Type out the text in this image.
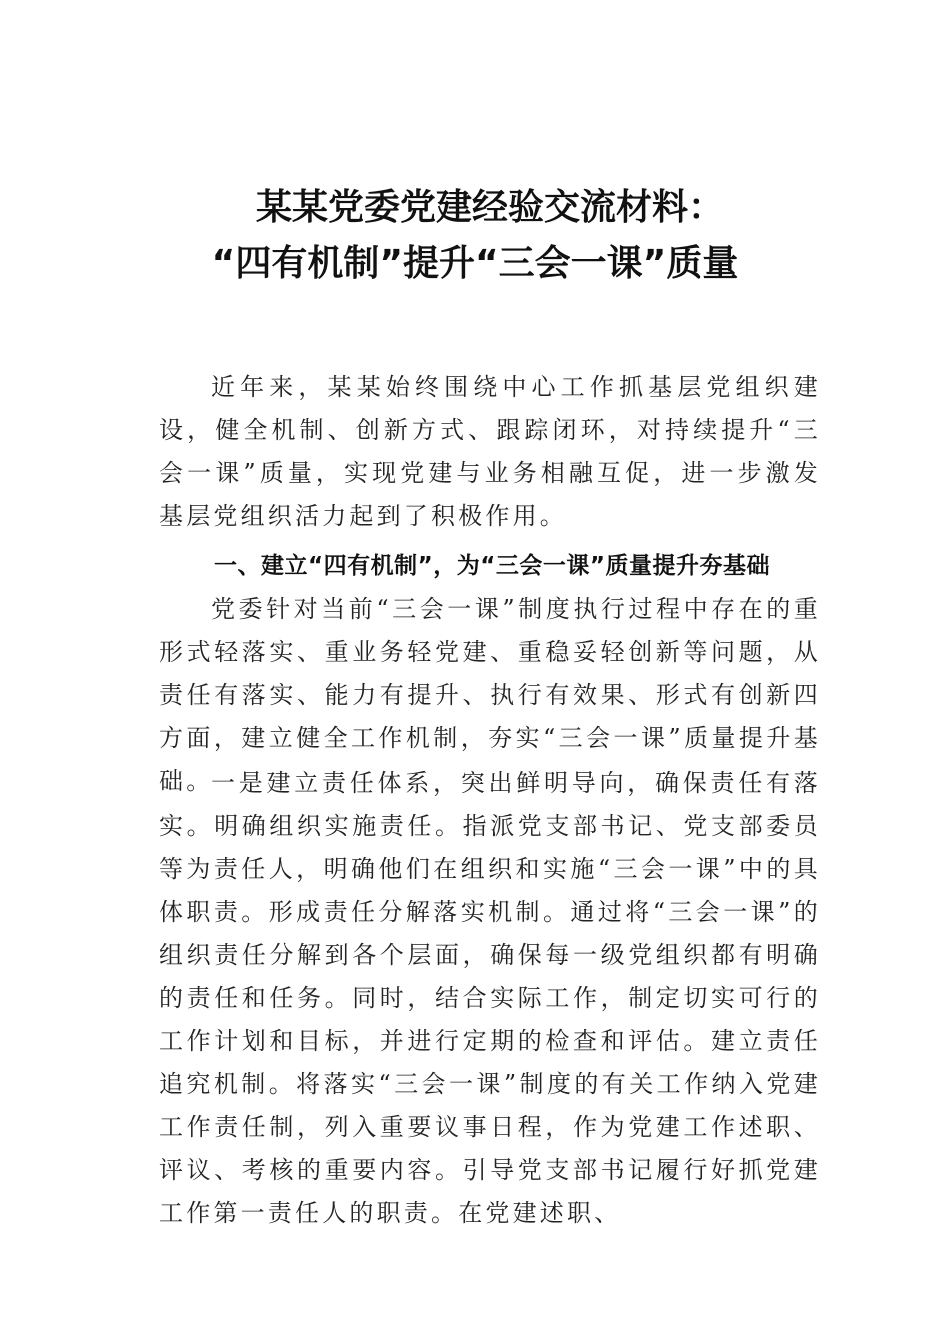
某某党委党建经验交流材料：
“四有机制”提升“三会一课”质量

近年来，某某始终围绕中心工作抓基层党组织建设，健全机制、创新方式、跟踪闭环，对持续提升“三会一课”质量，实现党建与业务相融互促，进一步激发基层党组织活力起到了积极作用。

一、建立“四有机制”，为“三会一课”质量提升夯基础

党委针对当前“三会一课”制度执行过程中存在的重形式轻落实、重业务轻党建、重稳妥轻创新等问题，从责任有落实、能力有提升、执行有效果、形式有创新四方面，建立健全工作机制，夯实“三会一课”质量提升基础。

一是建立责任体系，突出鲜明导向，确保责任有落实。明确组织实施责任。指派党支部书记、党支部委员等为责任人，明确他们在组织和实施“三会一课”中的具体职责。形成责任分解落实机制。通过将“三会一课”的组织责任分解到各个层面，确保每一级党组织都有明确的责任和任务。同时，结合实际工作，制定切实可行的工作计划和目标，并进行定期的检查和评估。建立责任追究机制。将落实“三会一课”制度的有关工作纳入党建工作责任制，列入重要议事日程，作为党建工作述职、评议、考核的重要内容。引导党支部书记履行好抓党建工作第一责任人的职责。在党建述职、
